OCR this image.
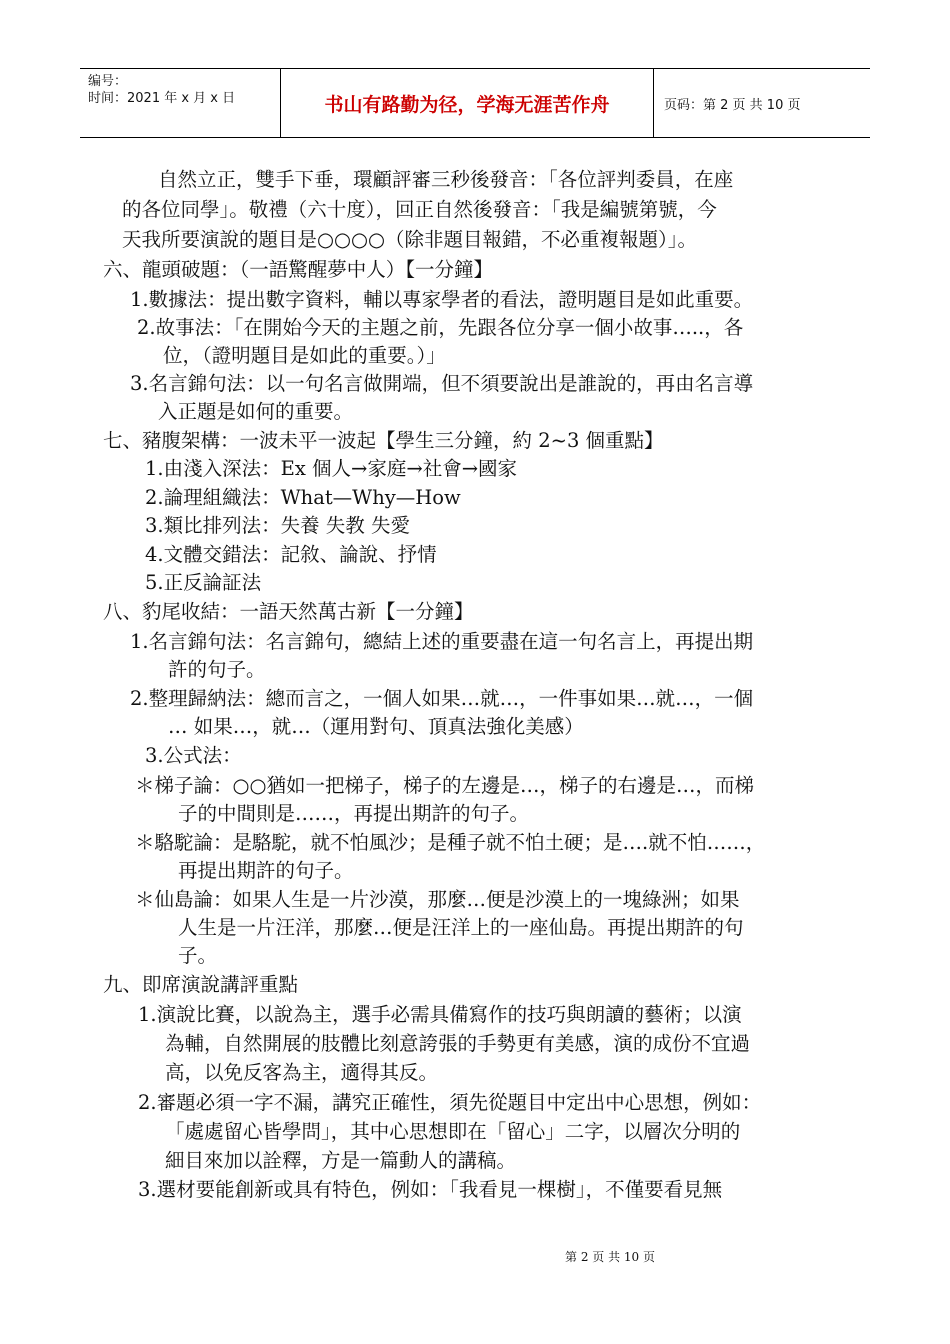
编号：
时间：2021 年 x 月 x 日	书山有路勤为径，学海无涯苦作舟	页码：第 2 页 共 10 页
自然立正，雙手下垂，環顧評審三秒後發音：「各位評判委員，在座
的各位同學」。敬禮（六十度），回正自然後發音：「我是編號第號，今
天我所要演說的題目是○○○○（除非題目報錯，不必重複報題）」。
六、龍頭破題：（一語驚醒夢中人）【一分鐘】
1.數據法：提出數字資料，輔以專家學者的看法，證明題目是如此重要。
2.故事法：「在開始今天的主題之前，先跟各位分享一個小故事…..，各
位，（證明題目是如此的重要。）」
3.名言錦句法：以一句名言做開端，但不須要說出是誰說的，再由名言導
入正題是如何的重要。
七、豬腹架構：一波未平一波起【學生三分鐘，約 2~3 個重點】
1.由淺入深法：Ex 個人→家庭→社會→國家
2.論理組織法：What—Why—How
3.類比排列法：失養 失教 失愛
4.文體交錯法：記敘、論說、抒情
5.正反論証法
八、豹尾收結：一語天然萬古新【一分鐘】
1.名言錦句法：名言錦句，總結上述的重要盡在這一句名言上，再提出期
許的句子。
2.整理歸納法：總而言之，一個人如果…就…，一件事如果…就…，一個
… 如果…，就…（運用對句、頂真法強化美感）
3.公式法：
＊梯子論：○○猶如一把梯子，梯子的左邊是…，梯子的右邊是…，而梯
子的中間則是……，再提出期許的句子。
＊駱駝論：是駱駝，就不怕風沙；是種子就不怕土硬；是….就不怕……，
再提出期許的句子。
＊仙島論：如果人生是一片沙漠，那麼…便是沙漠上的一塊綠洲；如果
人生是一片汪洋，那麼…便是汪洋上的一座仙島。再提出期許的句
子。
九、即席演說講評重點
1.演說比賽，以說為主，選手必需具備寫作的技巧與朗讀的藝術；以演
為輔，自然開展的肢體比刻意誇張的手勢更有美感，演的成份不宜過
高，以免反客為主，適得其反。
2.審題必須一字不漏，講究正確性，須先從題目中定出中心思想，例如：
「處處留心皆學問」，其中心思想即在「留心」二字，以層次分明的
細目來加以詮釋，方是一篇動人的講稿。
3.選材要能創新或具有特色，例如：「我看見一棵樹」，不僅要看見無
第 2 页 共 10 页
